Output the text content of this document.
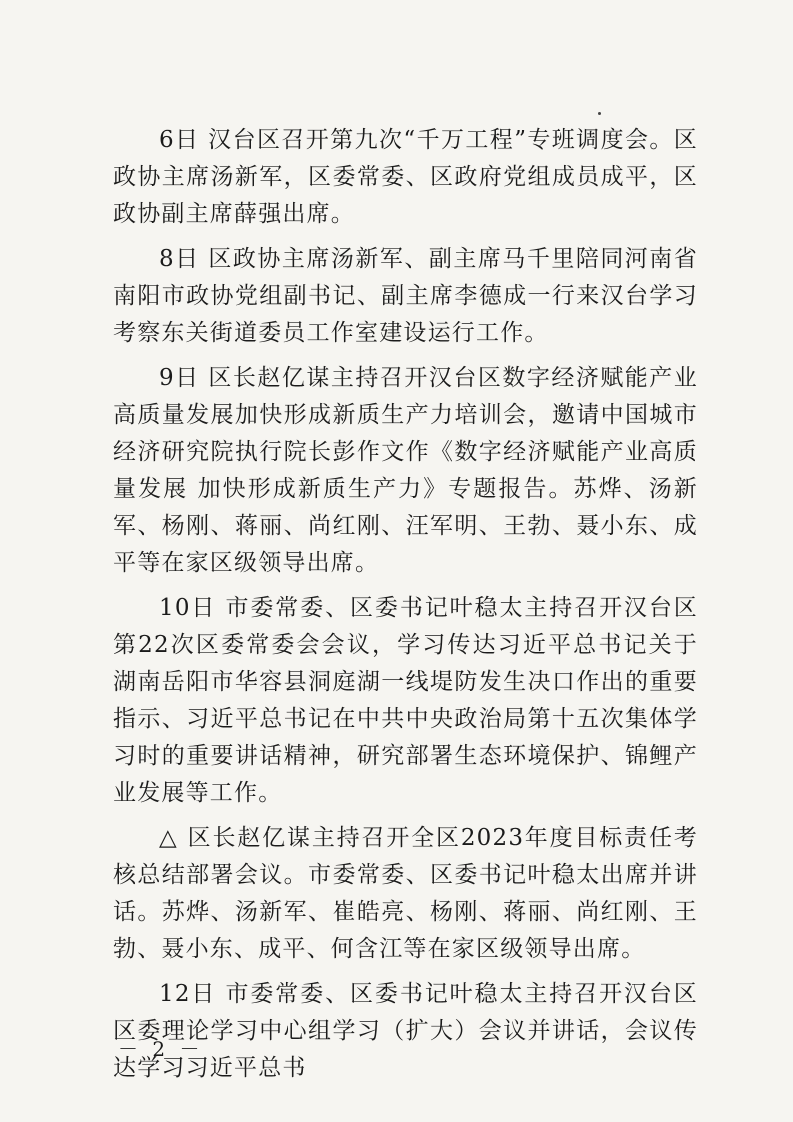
6日 汉台区召开第九次“千万工程”专班调度会。区政协主席汤新军，区委常委、区政府党组成员成平，区政协副主席薛强出席。

8日 区政协主席汤新军、副主席马千里陪同河南省南阳市政协党组副书记、副主席李德成一行来汉台学习考察东关街道委员工作室建设运行工作。

9日 区长赵亿谋主持召开汉台区数字经济赋能产业高质量发展加快形成新质生产力培训会，邀请中国城市经济研究院执行院长彭作文作《数字经济赋能产业高质量发展 加快形成新质生产力》专题报告。苏烨、汤新军、杨刚、蒋丽、尚红刚、汪军明、王勃、聂小东、成平等在家区级领导出席。

10日 市委常委、区委书记叶稳太主持召开汉台区第22次区委常委会会议，学习传达习近平总书记关于湖南岳阳市华容县洞庭湖一线堤防发生决口作出的重要指示、习近平总书记在中共中央政治局第十五次集体学习时的重要讲话精神，研究部署生态环境保护、锦鲤产业发展等工作。

△ 区长赵亿谋主持召开全区2023年度目标责任考核总结部署会议。市委常委、区委书记叶稳太出席并讲话。苏烨、汤新军、崔皓亮、杨刚、蒋丽、尚红刚、王勃、聂小东、成平、何含江等在家区级领导出席。

12日 市委常委、区委书记叶稳太主持召开汉台区区委理论学习中心组学习（扩大）会议并讲话，会议传达学习习近平总书

－ 2 －
